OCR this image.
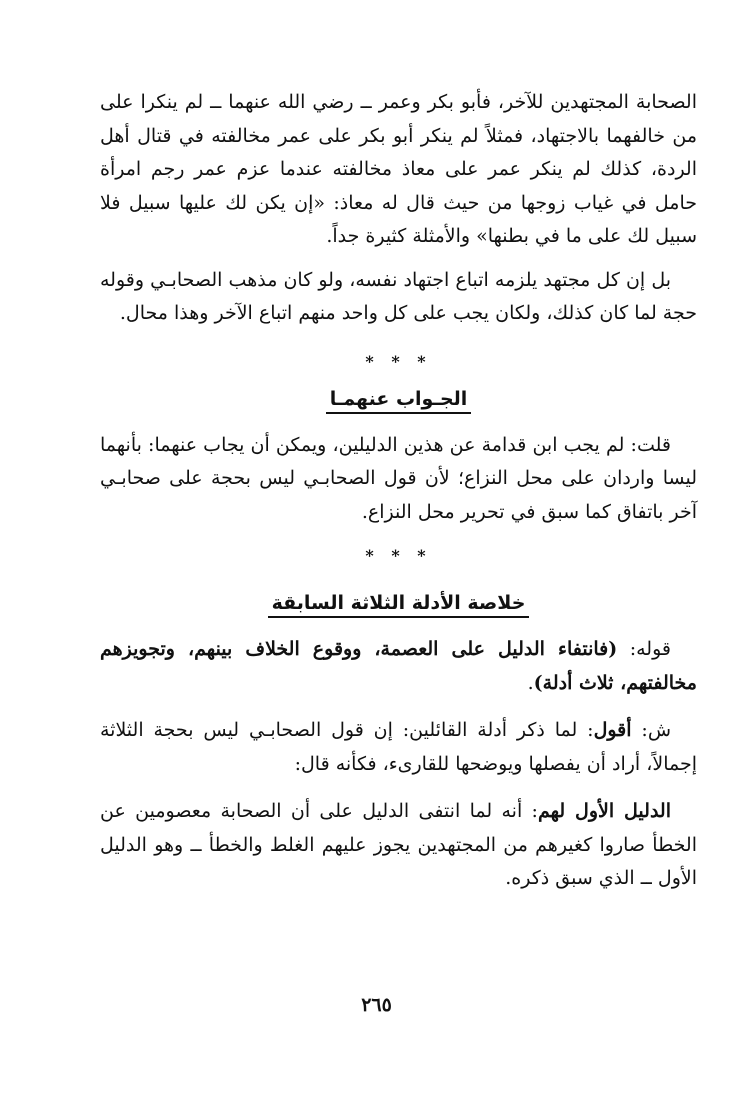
الصحابة المجتهدين للآخر، فأبو بكر وعمر ــ رضي الله عنهما ــ لم ينكرا على من خالفهما بالاجتهاد، فمثلاً لم ينكر أبو بكر على عمر مخالفته في قتال أهل الردة، كذلك لم ينكر عمر على معاذ مخالفته عندما عزم عمر رجم امرأة حامل في غياب زوجها من حيث قال له معاذ: «إن يكن لك عليها سبيل فلا سبيل لك على ما في بطنها» والأمثلة كثيرة جداً.

بل إن كل مجتهد يلزمه اتباع اجتهاد نفسه، ولو كان مذهب الصحابـي وقوله حجة لما كان كذلك، ولكان يجب على كل واحد منهم اتباع الآخر وهذا محال.

* * *
الجـواب عنهمـا

قلت: لم يجب ابن قدامة عن هذين الدليلين، ويمكن أن يجاب عنهما: بأنهما ليسا واردان على محل النزاع؛ لأن قول الصحابـي ليس بحجة على صحابـي آخر باتفاق كما سبق في تحرير محل النزاع.

* * *
خلاصة الأدلة الثلاثة السابقة

قوله: (فانتفاء الدليل على العصمة، ووقوع الخلاف بينهم، وتجويزهم مخالفتهم، ثلاث أدلة).

ش: أقول: لما ذكر أدلة القائلين: إن قول الصحابـي ليس بحجة الثلاثة إجمالاً، أراد أن يفصلها ويوضحها للقارىء، فكأنه قال:

الدليل الأول لهم: أنه لما انتفى الدليل على أن الصحابة معصومين عن الخطأ صاروا كغيرهم من المجتهدين يجوز عليهم الغلط والخطأ ــ وهو الدليل الأول ــ الذي سبق ذكره.

٢٦٥
